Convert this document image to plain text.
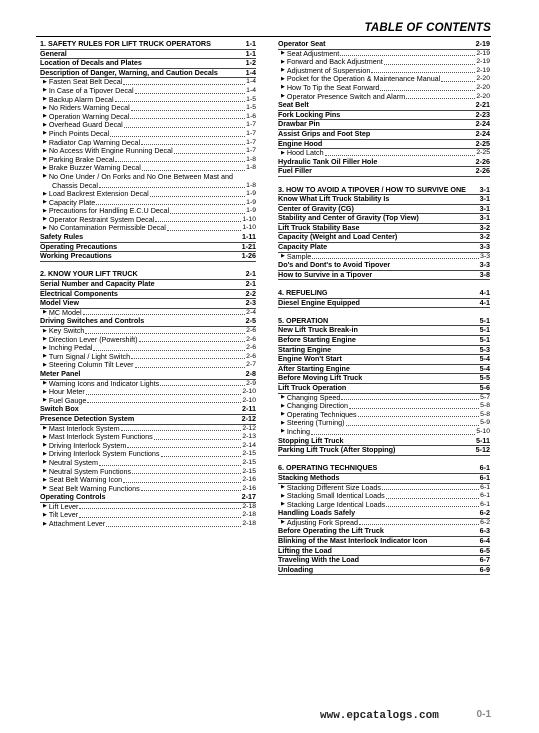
TABLE OF CONTENTS
1. SAFETY RULES FOR LIFT TRUCK OPERATORS	1-1
General	1-1
Location of Decals and Plates	1-2
Description of Danger, Warning, and Caution Decals	1-4
▶ Fasten Seat Belt Decal	1-4
▶ In Case of a Tipover Decal	1-4
▶ Backup Alarm Decal	1-5
▶ No Riders Warning Decal	1-5
▶ Operation Warning Decal	1-6
▶ Overhead Guard Decal	1-7
▶ Pinch Points Decal	1-7
▶ Radiator Cap Warning Decal	1-7
▶ No Access With Engine Running Decal	1-7
▶ Parking Brake Decal	1-8
▶ Brake Buzzer Warning Decal	1-8
▶ No One Under / On Forks and No One Between Mast and
Chassis Decal	1-8
▶ Load Backrest Extension Decal	1-9
▶ Capacity Plate	1-9
▶ Precautions for Handling E.C.U Decal	1-9
▶ Operator Restraint System Decal	1-10
▶ No Contamination Permissible Decal	1-10
Safety Rules	1-11
Operating Precautions	1-21
Working Precautions	1-26
2. KNOW YOUR LIFT TRUCK	2-1
Serial Number and Capacity Plate	2-1
Electrical Components	2-2
Model View	2-3
▶ MC Model	2-4
Driving Switches and Controls	2-5
▶ Key Switch	2-6
▶ Direction Lever (Powershift)	2-6
▶ Inching Pedal	2-6
▶ Turn Signal / Light Switch	2-6
▶ Steering Column Tilt Lever	2-7
Meter Panel	2-8
▶ Warning Icons and Indicator Lights	2-9
▶ Hour Meter	2-10
▶ Fuel Gauge	2-10
Switch Box	2-11
Presence Detection System	2-12
▶ Mast Interlock System	2-12
▶ Mast Interlock System Functions	2-13
▶ Driving Interlock System	2-14
▶ Driving Interlock System Functions	2-15
▶ Neutral System	2-15
▶ Neutral System Functions	2-15
▶ Seat Belt Warning Icon	2-16
▶ Seat Belt Warning Functions	2-16
Operating Controls	2-17
▶ Lift Lever	2-18
▶ Tilt Lever	2-18
▶ Attachment Lever	2-18
Operator Seat	2-19
▶ Seat Adjustment	2-19
▶ Forward and Back Adjustment	2-19
▶ Adjustment of Suspension	2-19
▶ Pocket for the Operation & Maintenance Manual	2-20
▶ How To Tip the Seat Forward	2-20
▶ Operator Presence Switch and Alarm	2-20
Seat Belt	2-21
Fork Locking Pins	2-23
Drawbar Pin	2-24
Assist Grips and Foot Step	2-24
Engine Hood	2-25
▶ Hood Latch	2-25
Hydraulic Tank Oil Filler Hole	2-26
Fuel Filler	2-26
3. HOW TO AVOID A TIPOVER / HOW TO SURVIVE ONE 3-1
Know What Lift Truck Stability Is	3-1
Center of Gravity (CG)	3-1
Stability and Center of Gravity (Top View)	3-1
Lift Truck Stability Base	3-2
Capacity (Weight and Load Center)	3-2
Capacity Plate	3-3
▶ Sample	3-3
Do's and Dont's to Avoid Tipover	3-3
How to Survive in a Tipover	3-8
4. REFUELING	4-1
Diesel Engine Equipped	4-1
5. OPERATION	5-1
New Lift Truck Break-in	5-1
Before Starting Engine	5-1
Starting Engine	5-3
Engine Won't Start	5-4
After Starting Engine	5-4
Before Moving Lift Truck	5-5
Lift Truck Operation	5-6
▶ Changing Speed	5-7
▶ Changing Direction	5-8
▶ Operating Techniques	5-8
▶ Steering (Turning)	5-9
▶ Inching	5-10
Stopping Lift Truck	5-11
Parking Lift Truck (After Stopping)	5-12
6. OPERATING TECHNIQUES	6-1
Stacking Methods	6-1
▶ Stacking Different Size Loads	6-1
▶ Stacking Small Identical Loads	6-1
▶ Stacking Large Identical Loads	6-1
Handling Loads Safely	6-2
▶ Adjusting Fork Spread	6-2
Before Operating the Lift Truck	6-3
Blinking of the Mast Interlock Indicator Icon	6-4
Lifting the Load	6-5
Traveling With the Load	6-7
Unloading	6-9
www.epcatalogs.com	0-1
